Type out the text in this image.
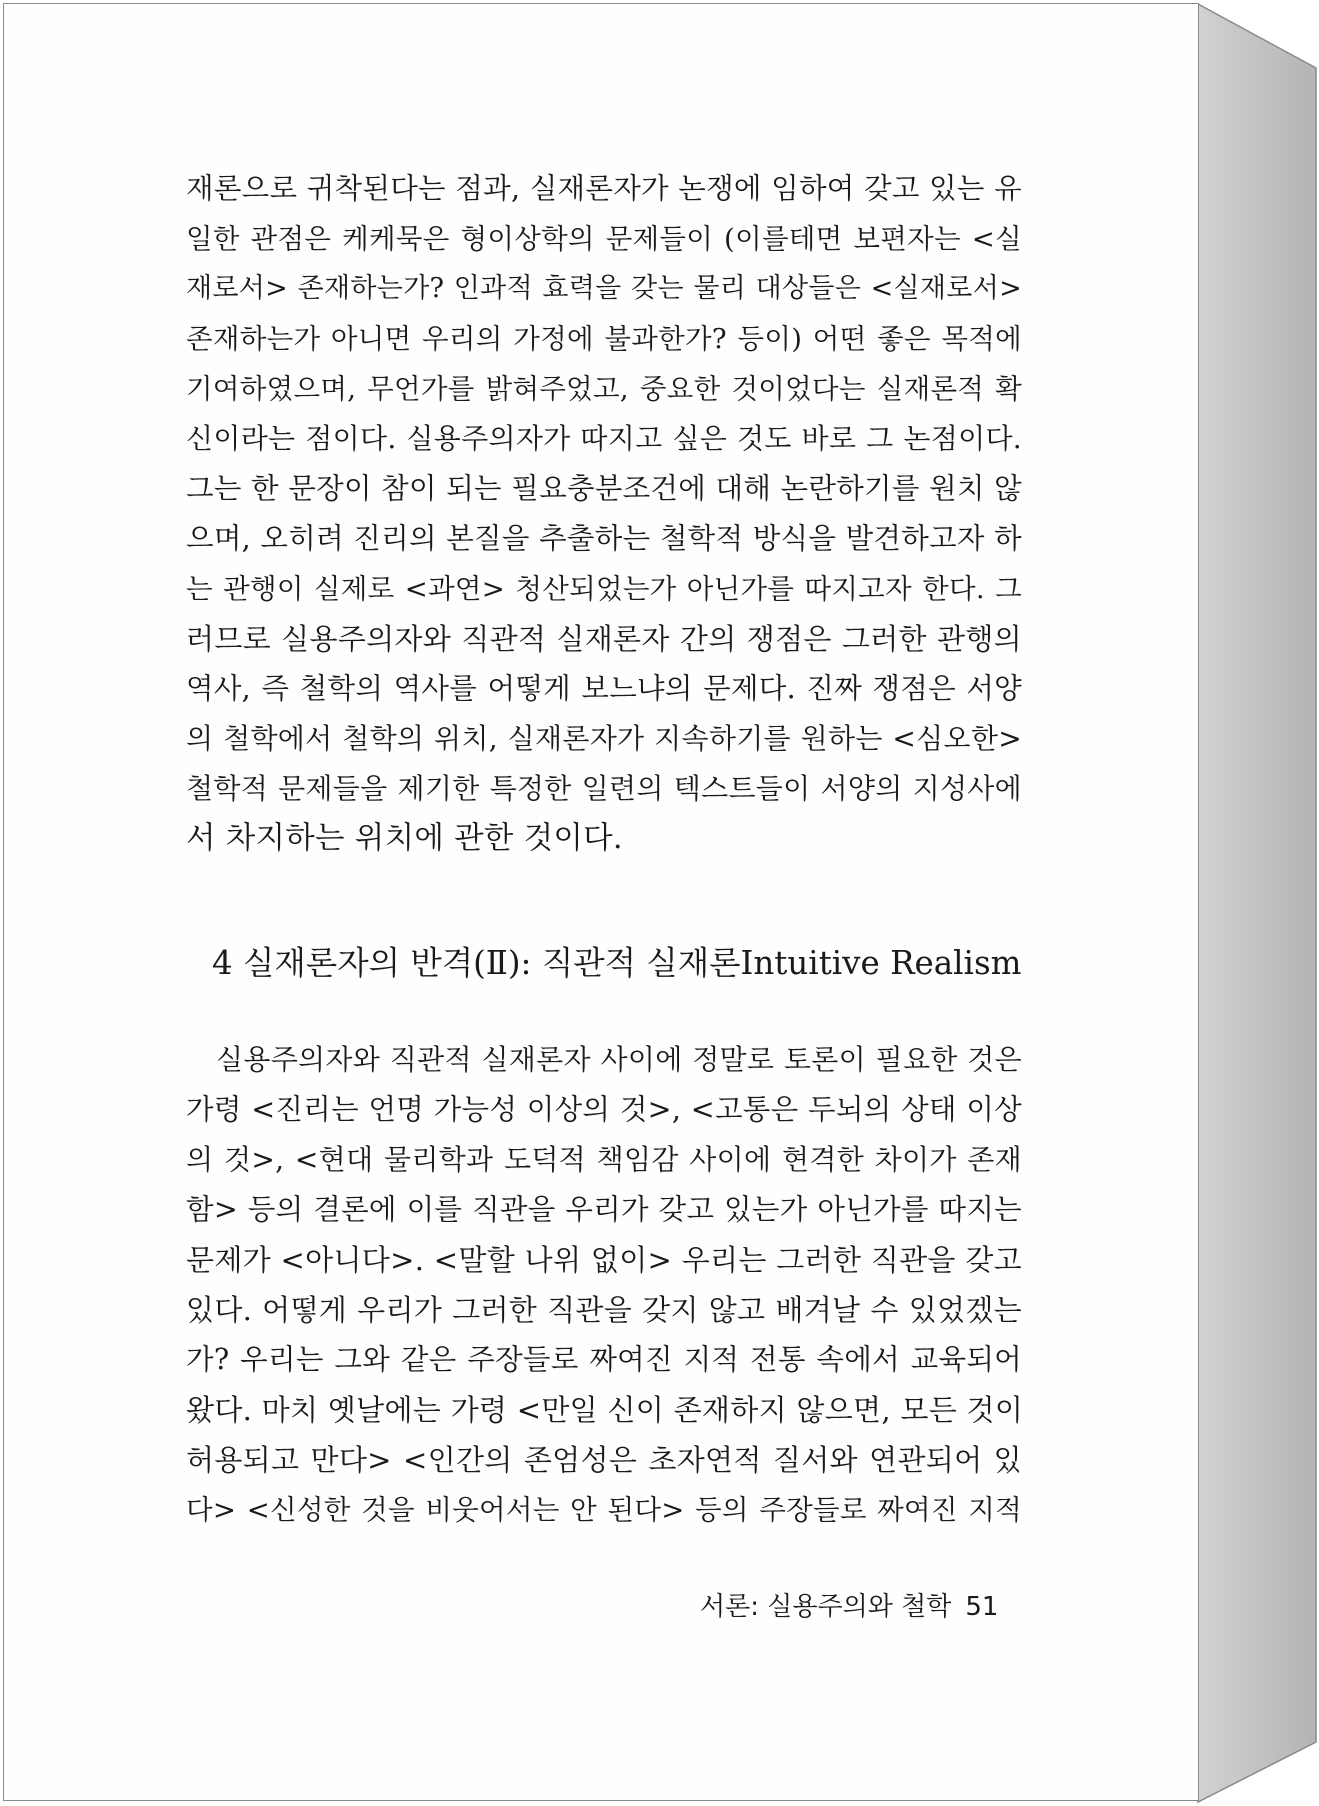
재론으로 귀착된다는 점과, 실재론자가 논쟁에 임하여 갖고 있는 유
일한 관점은 케케묵은 형이상학의 문제들이 (이를테면 보편자는 <실
재로서> 존재하는가? 인과적 효력을 갖는 물리 대상들은 <실재로서>
존재하는가 아니면 우리의 가정에 불과한가? 등이) 어떤 좋은 목적에
기여하였으며, 무언가를 밝혀주었고, 중요한 것이었다는 실재론적 확
신이라는 점이다. 실용주의자가 따지고 싶은 것도 바로 그 논점이다.
그는 한 문장이 참이 되는 필요충분조건에 대해 논란하기를 원치 않
으며, 오히려 진리의 본질을 추출하는 철학적 방식을 발견하고자 하
는 관행이 실제로 <과연> 청산되었는가 아닌가를 따지고자 한다. 그
러므로 실용주의자와 직관적 실재론자 간의 쟁점은 그러한 관행의
역사, 즉 철학의 역사를 어떻게 보느냐의 문제다. 진짜 쟁점은 서양
의 철학에서 철학의 위치, 실재론자가 지속하기를 원하는 <심오한>
철학적 문제들을 제기한 특정한 일련의 텍스트들이 서양의 지성사에
서 차지하는 위치에 관한 것이다.
4 실재론자의 반격(Ⅱ): 직관적 실재론Intuitive Realism
실용주의자와 직관적 실재론자 사이에 정말로 토론이 필요한 것은
가령 <진리는 언명 가능성 이상의 것>, <고통은 두뇌의 상태 이상
의 것>, <현대 물리학과 도덕적 책임감 사이에 현격한 차이가 존재
함> 등의 결론에 이를 직관을 우리가 갖고 있는가 아닌가를 따지는
문제가 <아니다>. <말할 나위 없이> 우리는 그러한 직관을 갖고
있다. 어떻게 우리가 그러한 직관을 갖지 않고 배겨날 수 있었겠는
가? 우리는 그와 같은 주장들로 짜여진 지적 전통 속에서 교육되어
왔다. 마치 옛날에는 가령 <만일 신이 존재하지 않으면, 모든 것이
허용되고 만다> <인간의 존엄성은 초자연적 질서와 연관되어 있
다> <신성한 것을 비웃어서는 안 된다> 등의 주장들로 짜여진 지적
서론: 실용주의와 철학 51
